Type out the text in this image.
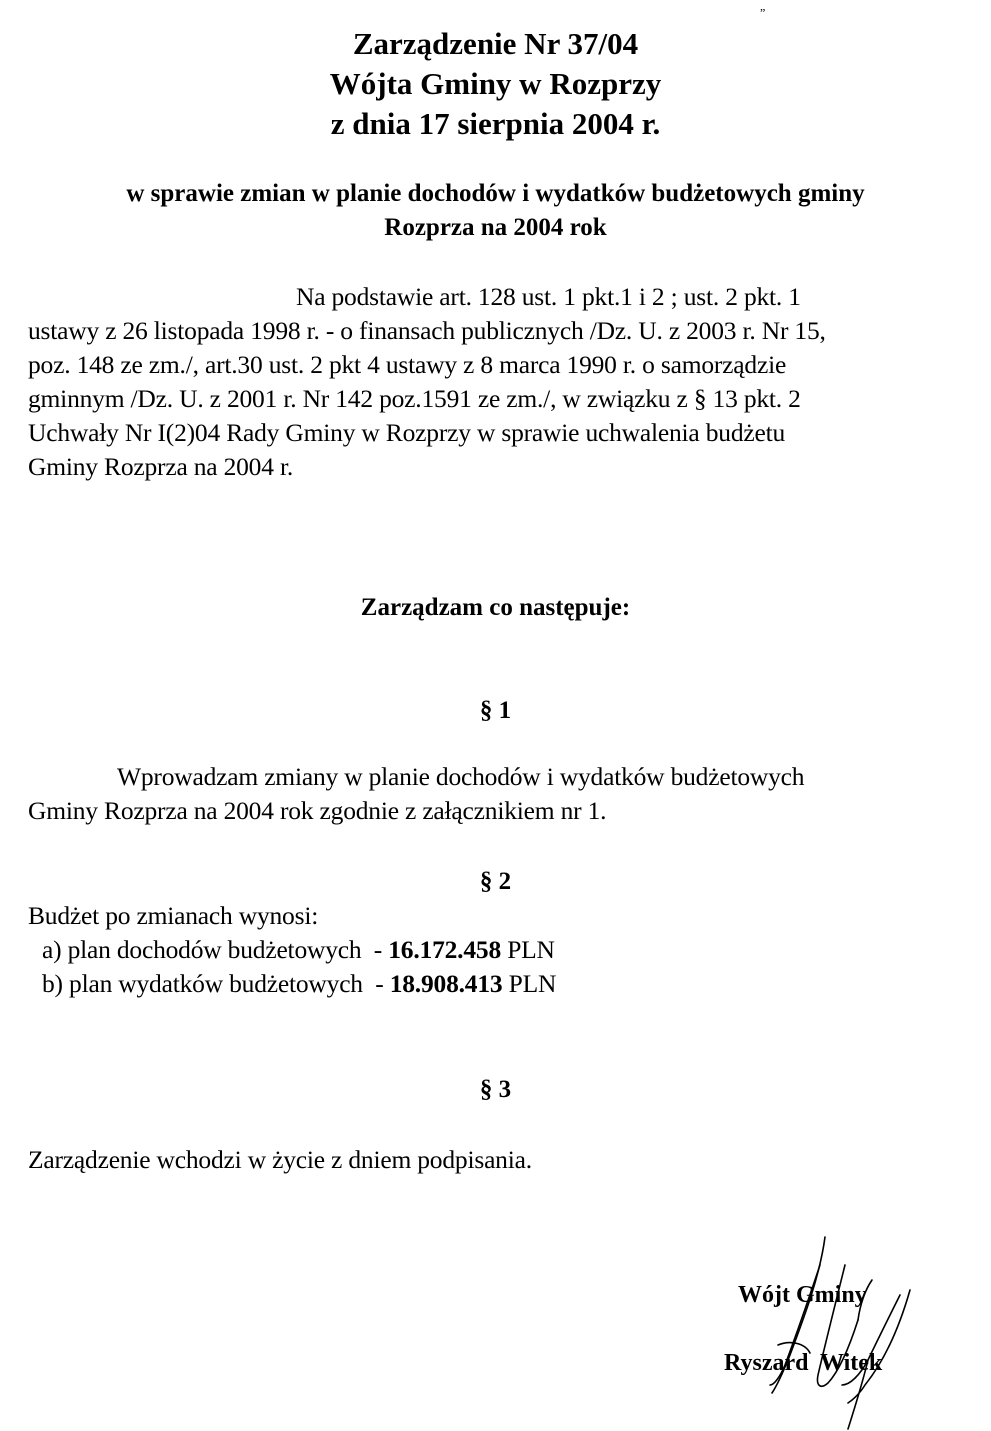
„
Zarządzenie Nr 37/04
Wójta Gminy w Rozprzy
z dnia 17 sierpnia 2004 r.
w sprawie zmian w planie dochodów i wydatków budżetowych gminy
Rozprza na 2004 rok
Na podstawie art. 128 ust. 1 pkt.1 i 2 ; ust. 2 pkt. 1
ustawy z 26 listopada 1998 r. - o finansach publicznych /Dz. U. z 2003 r. Nr 15,
poz. 148 ze zm./, art.30 ust. 2 pkt 4 ustawy z 8 marca 1990 r. o samorządzie
gminnym /Dz. U. z 2001 r. Nr 142 poz.1591 ze zm./, w związku z § 13 pkt. 2
Uchwały Nr I(2)04 Rady Gminy w Rozprzy w sprawie uchwalenia budżetu
Gminy Rozprza na 2004 r.
Zarządzam co następuje:
§ 1
Wprowadzam zmiany w planie dochodów i wydatków budżetowych
Gminy Rozprza na 2004 rok zgodnie z załącznikiem nr 1.
§ 2
Budżet po zmianach wynosi:
a) plan dochodów budżetowych  - 16.172.458 PLN
b) plan wydatków budżetowych  - 18.908.413 PLN
§ 3
Zarządzenie wchodzi w życie z dniem podpisania.
Wójt Gminy
Ryszard  Witek
